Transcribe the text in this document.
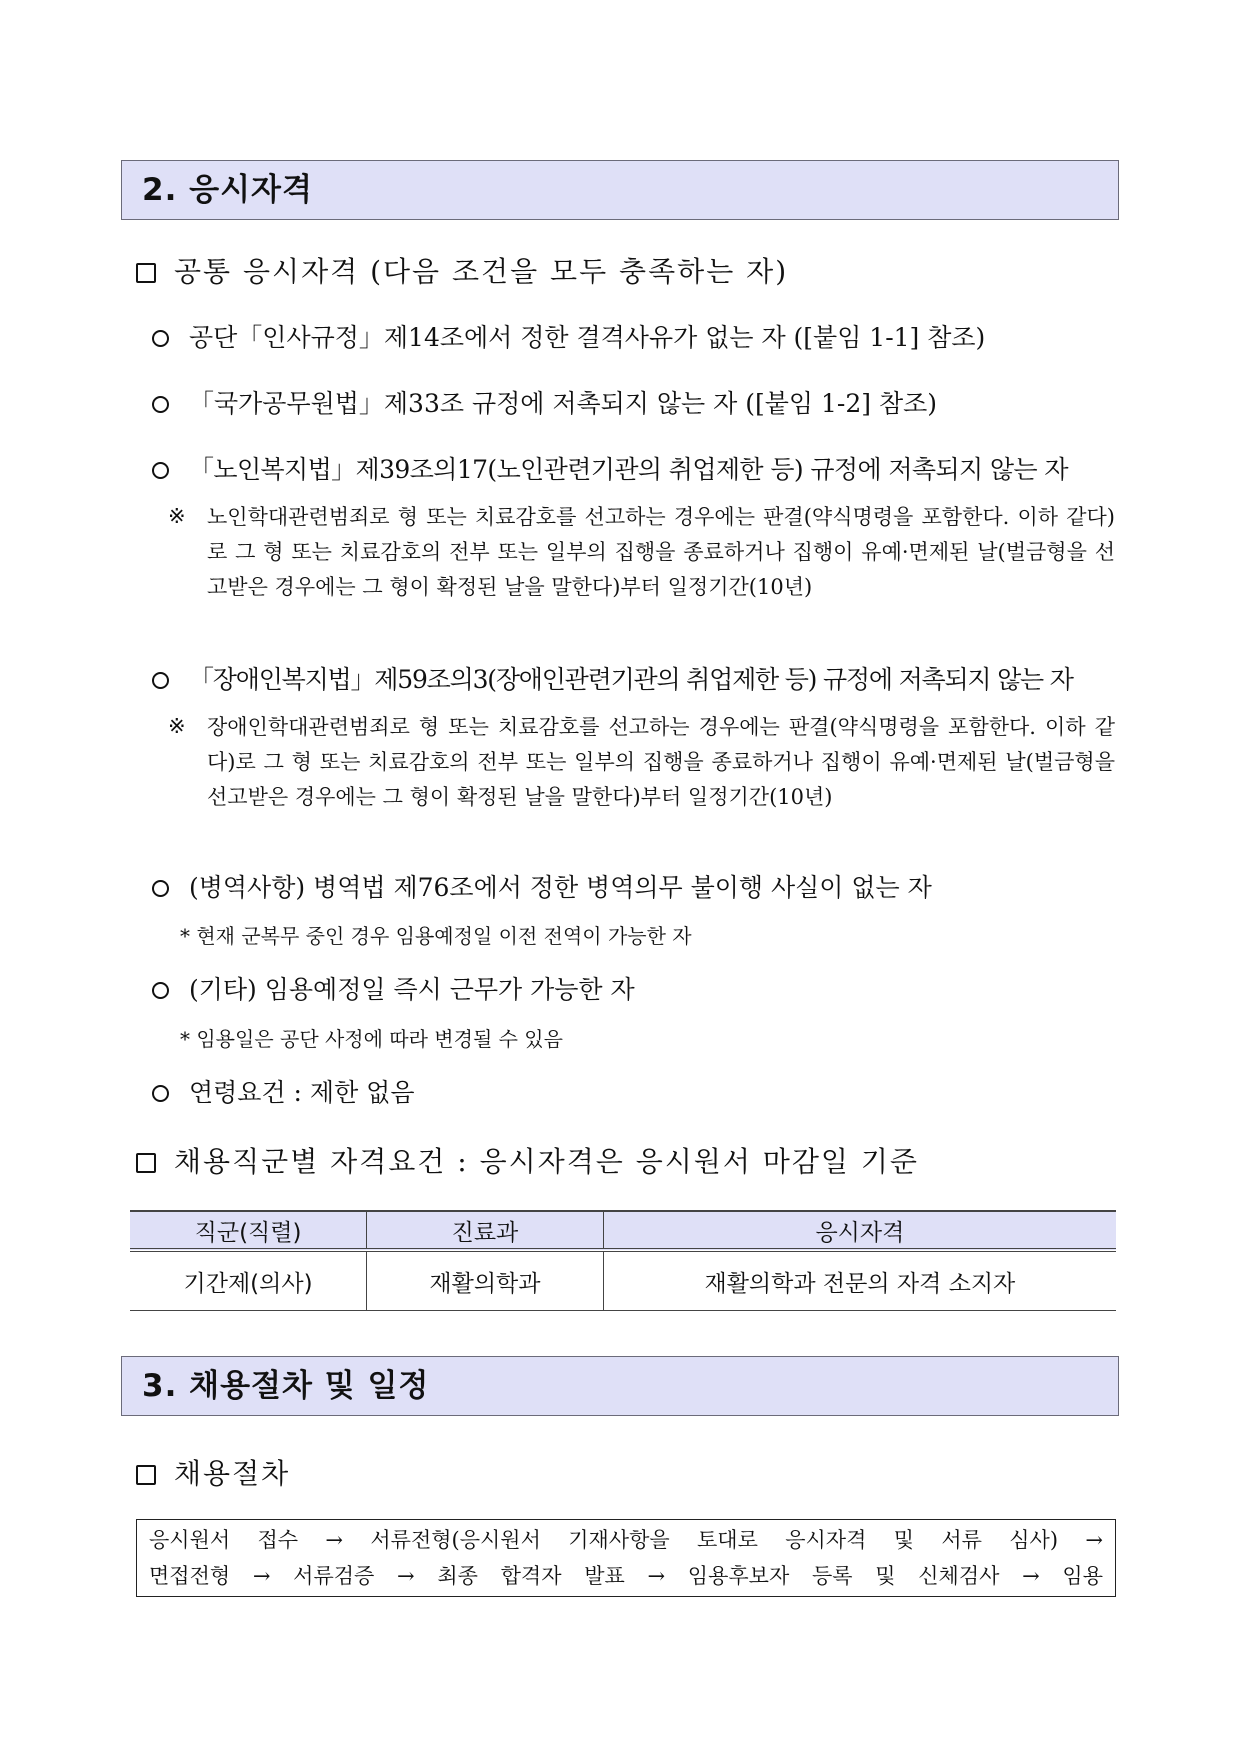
2. 응시자격
공통 응시자격 (다음 조건을 모두 충족하는 자)
공단「인사규정」제14조에서 정한 결격사유가 없는 자 ([붙임 1-1] 참조)
「국가공무원법」제33조 규정에 저촉되지 않는 자 ([붙임 1-2] 참조)
「노인복지법」제39조의17(노인관련기관의 취업제한 등) 규정에 저촉되지 않는 자
※ 노인학대관련범죄로 형 또는 치료감호를 선고하는 경우에는 판결(약식명령을 포함한다. 이하 같다)로 그 형 또는 치료감호의 전부 또는 일부의 집행을 종료하거나 집행이 유예·면제된 날(벌금형을 선고받은 경우에는 그 형이 확정된 날을 말한다)부터 일정기간(10년)
「장애인복지법」제59조의3(장애인관련기관의 취업제한 등) 규정에 저촉되지 않는 자
※ 장애인학대관련범죄로 형 또는 치료감호를 선고하는 경우에는 판결(약식명령을 포함한다. 이하 같다)로 그 형 또는 치료감호의 전부 또는 일부의 집행을 종료하거나 집행이 유예·면제된 날(벌금형을 선고받은 경우에는 그 형이 확정된 날을 말한다)부터 일정기간(10년)
(병역사항) 병역법 제76조에서 정한 병역의무 불이행 사실이 없는 자
* 현재 군복무 중인 경우 임용예정일 이전 전역이 가능한 자
(기타) 임용예정일 즉시 근무가 가능한 자
* 임용일은 공단 사정에 따라 변경될 수 있음
연령요건 : 제한 없음
채용직군별 자격요건 : 응시자격은 응시원서 마감일 기준
직군(직렬)	진료과	응시자격
기간제(의사)	재활의학과	재활의학과 전문의 자격 소지자
3. 채용절차 및 일정
채용절차
응시원서 접수 → 서류전형(응시원서 기재사항을 토대로 응시자격 및 서류 심사) →
면접전형 → 서류검증 → 최종 합격자 발표 → 임용후보자 등록 및 신체검사 → 임용
